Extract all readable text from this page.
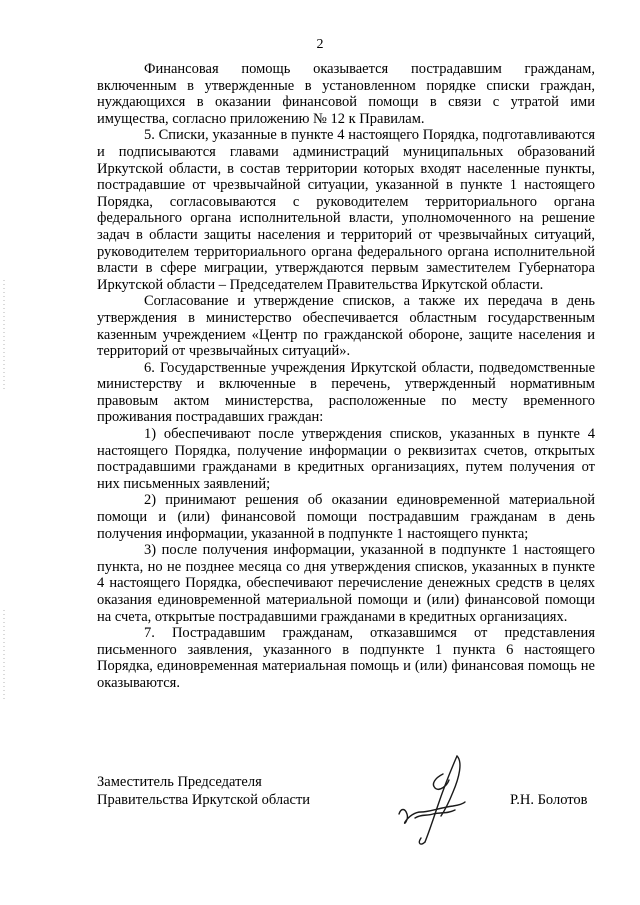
2

Финансовая помощь оказывается пострадавшим гражданам, включенным в утвержденные в установленном порядке списки граждан, нуждающихся в оказании финансовой помощи в связи с утратой ими имущества, согласно приложению № 12 к Правилам.

5. Списки, указанные в пункте 4 настоящего Порядка, подготавливаются и подписываются главами администраций муниципальных образований Иркутской области, в состав территории которых входят населенные пункты, пострадавшие от чрезвычайной ситуации, указанной в пункте 1 настоящего Порядка, согласовываются с руководителем территориального органа федерального органа исполнительной власти, уполномоченного на решение задач в области защиты населения и территорий от чрезвычайных ситуаций, руководителем территориального органа федерального органа исполнительной власти в сфере миграции, утверждаются первым заместителем Губернатора Иркутской области – Председателем Правительства Иркутской области.

Согласование и утверждение списков, а также их передача в день утверждения в министерство обеспечивается областным государственным казенным учреждением «Центр по гражданской обороне, защите населения и территорий от чрезвычайных ситуаций».

6. Государственные учреждения Иркутской области, подведомственные министерству и включенные в перечень, утвержденный нормативным правовым актом министерства, расположенные по месту временного проживания пострадавших граждан:

1) обеспечивают после утверждения списков, указанных в пункте 4 настоящего Порядка, получение информации о реквизитах счетов, открытых пострадавшими гражданами в кредитных организациях, путем получения от них письменных заявлений;

2) принимают решения об оказании единовременной материальной помощи и (или) финансовой помощи пострадавшим гражданам в день получения информации, указанной в подпункте 1 настоящего пункта;

3) после получения информации, указанной в подпункте 1 настоящего пункта, но не позднее месяца со дня утверждения списков, указанных в пункте 4 настоящего Порядка, обеспечивают перечисление денежных средств в целях оказания единовременной материальной помощи и (или) финансовой помощи на счета, открытые пострадавшими гражданами в кредитных организациях.

7. Пострадавшим гражданам, отказавшимся от представления письменного заявления, указанного в подпункте 1 пункта 6 настоящего Порядка, единовременная материальная помощь и (или) финансовая помощь не оказываются.

Заместитель Председателя
Правительства Иркутской области	Р.Н. Болотов
